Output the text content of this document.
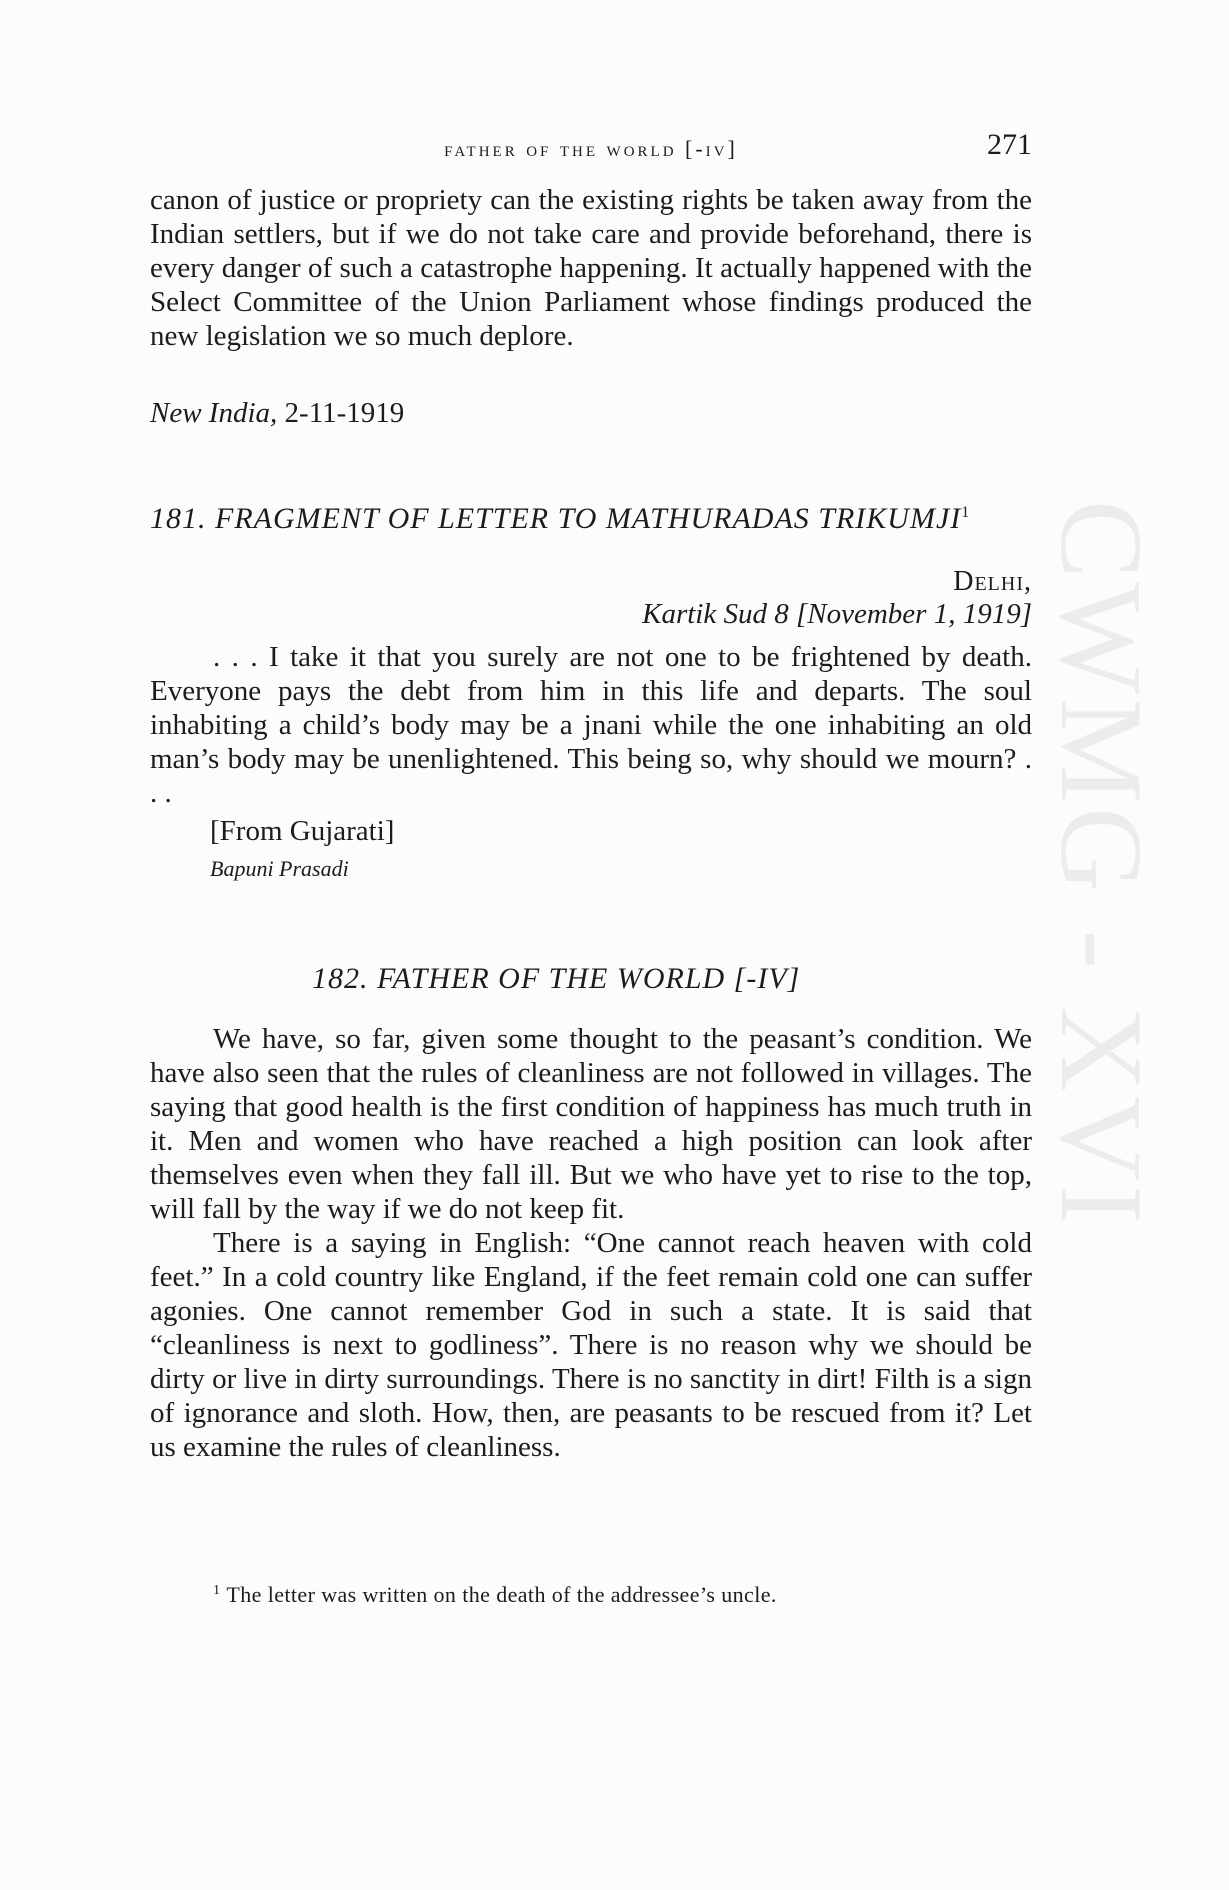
father of the world [-iv]	271

canon of justice or propriety can the existing rights be taken away from the Indian settlers, but if we do not take care and provide beforehand, there is every danger of such a catastrophe happening. It actually happened with the Select Committee of the Union Parliament whose findings produced the new legislation we so much deplore.

New India, 2-11-1919
181. FRAGMENT OF LETTER TO MATHURADAS TRIKUMJI$^1$
Delhi,
Kartik Sud 8 [November 1, 1919]

. . . I take it that you surely are not one to be frightened by death. Everyone pays the debt from him in this life and departs. The soul inhabiting a child’s body may be a jnani while the one inhabiting an old man’s body may be unenlightened. This being so, why should we mourn? . . .

[From Gujarati]
Bapuni Prasadi
182. FATHER OF THE WORLD [-IV]

We have, so far, given some thought to the peasant’s condition. We have also seen that the rules of cleanliness are not followed in villages. The saying that good health is the first condition of happiness has much truth in it. Men and women who have reached a high position can look after themselves even when they fall ill. But we who have yet to rise to the top, will fall by the way if we do not keep fit.

There is a saying in English: “One cannot reach heaven with cold feet.” In a cold country like England, if the feet remain cold one can suffer agonies. One cannot remember God in such a state. It is said that “cleanliness is next to godliness”. There is no reason why we should be dirty or live in dirty surroundings. There is no sanctity in dirt! Filth is a sign of ignorance and sloth. How, then, are peasants to be rescued from it? Let us examine the rules of cleanliness.

$^1$ The letter was written on the death of the addressee’s uncle.
CWMG - XVI
